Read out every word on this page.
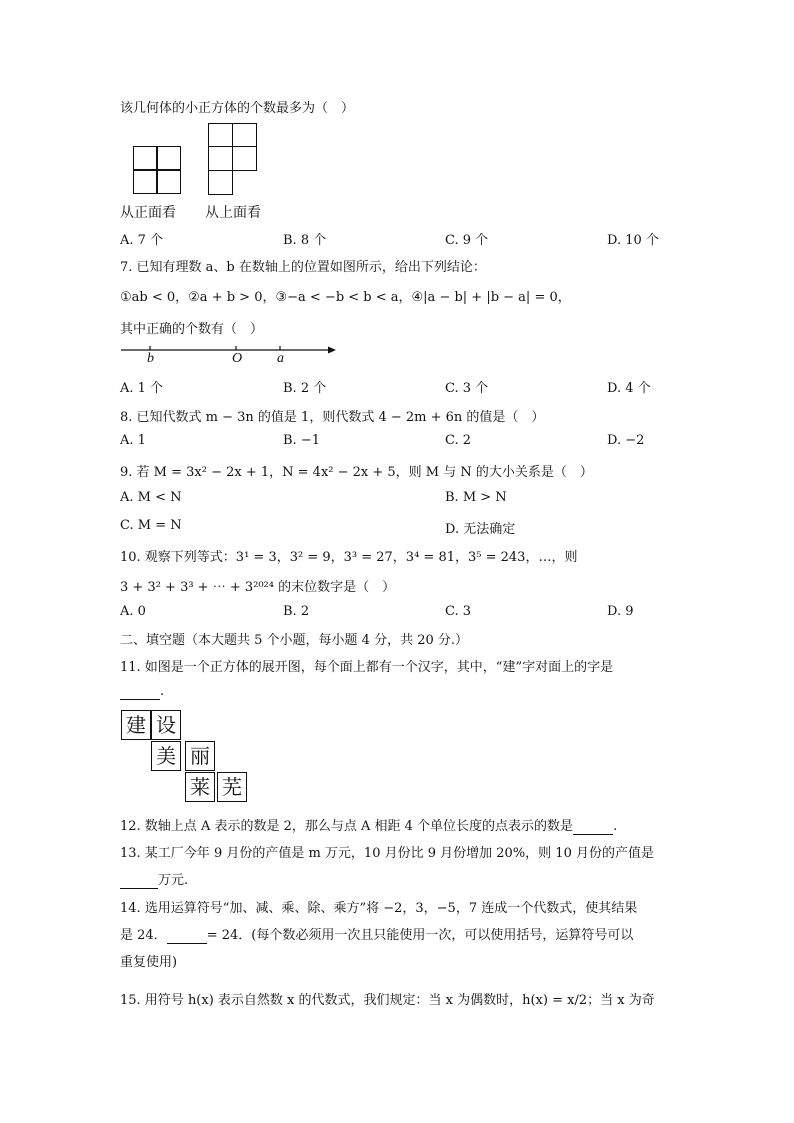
该几何体的小正方体的个数最多为（　）
从正面看 从上面看
A. 7 个	B. 8 个	C. 9 个	D. 10 个
7. 已知有理数 a、b 在数轴上的位置如图所示，给出下列结论：
①ab < 0，②a + b > 0，③−a < −b < b < a，④|a − b| + |b − a| = 0，
其中正确的个数有（　）
b	O a
A. 1 个	B. 2 个	C. 3 个	D. 4 个
8. 已知代数式 m − 3n 的值是 1，则代数式 4 − 2m + 6n 的值是（　）
A. 1	B. −1	C. 2	D. −2
9. 若 M = 3x² − 2x + 1，N = 4x² − 2x + 5，则 M 与 N 的大小关系是（　）
A. M < N	B. M > N
C. M = N	D. 无法确定
10. 观察下列等式：3¹ = 3，3² = 9，3³ = 27，3⁴ = 81，3⁵ = 243，…，则
3 + 3² + 3³ + ⋯ + 3²⁰²⁴ 的末位数字是（　）
A. 0	B. 2	C. 3	D. 9
二、填空题（本大题共 5 个小题，每小题 4 分，共 20 分.）
11. 如图是一个正方体的展开图，每个面上都有一个汉字，其中，“建”字对面上的字是
.
建 设
美 丽
莱 芜
12. 数轴上点 A 表示的数是 2，那么与点 A 相距 4 个单位长度的点表示的数是	.
13. 某工厂今年 9 月份的产值是 m 万元，10 月份比 9 月份增加 20%，则 10 月份的产值是
万元.
14. 选用运算符号“加、减、乘、除、乘方”将 −2，3，−5，7 连成一个代数式，使其结果
是 24．	= 24．(每个数必须用一次且只能使用一次，可以使用括号，运算符号可以
重复使用)
15. 用符号 h(x) 表示自然数 x 的代数式，我们规定：当 x 为偶数时，h(x) = x/2；当 x 为奇
